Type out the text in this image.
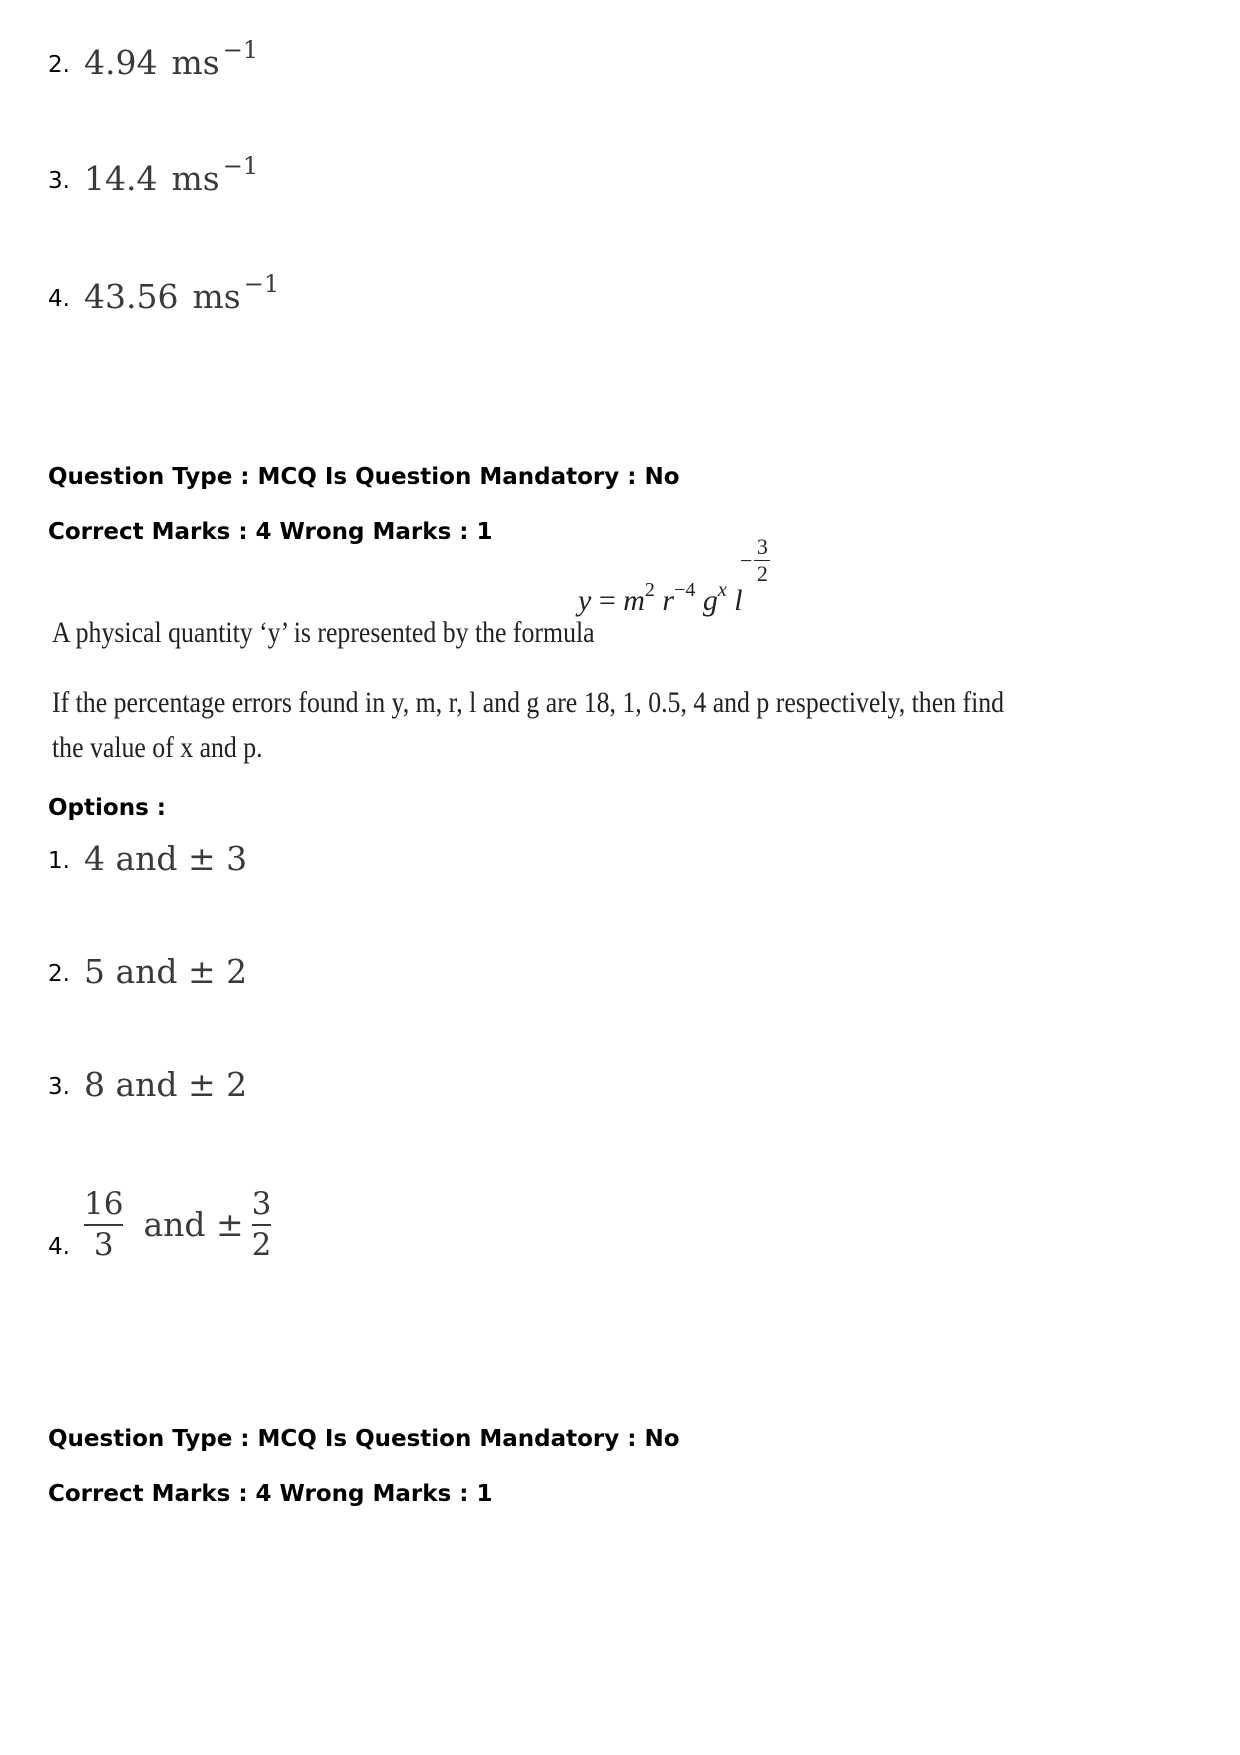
2. 4.94 ms $^{-1}$
3. 14.4 ms $^{-1}$
4. 43.56 ms $^{-1}$
Question Type : MCQ Is Question Mandatory : No
Correct Marks : 4 Wrong Marks : 1
A physical quantity ‘y’ is represented by the formula
$y = m^2$ $r^{-4}$ $g^x$ l
−
3
2
If the percentage errors found in y, m, r, l and g are 18, 1, 0.5, 4 and p respectively, then find
the value of x and p.
Options :
1. 4 and ± 3
2. 5 and ± 2
3. 8 and ± 2
4. $\frac{16}{3}$ and ± $\frac{3}{2}$
Question Type : MCQ Is Question Mandatory : No
Correct Marks : 4 Wrong Marks : 1
